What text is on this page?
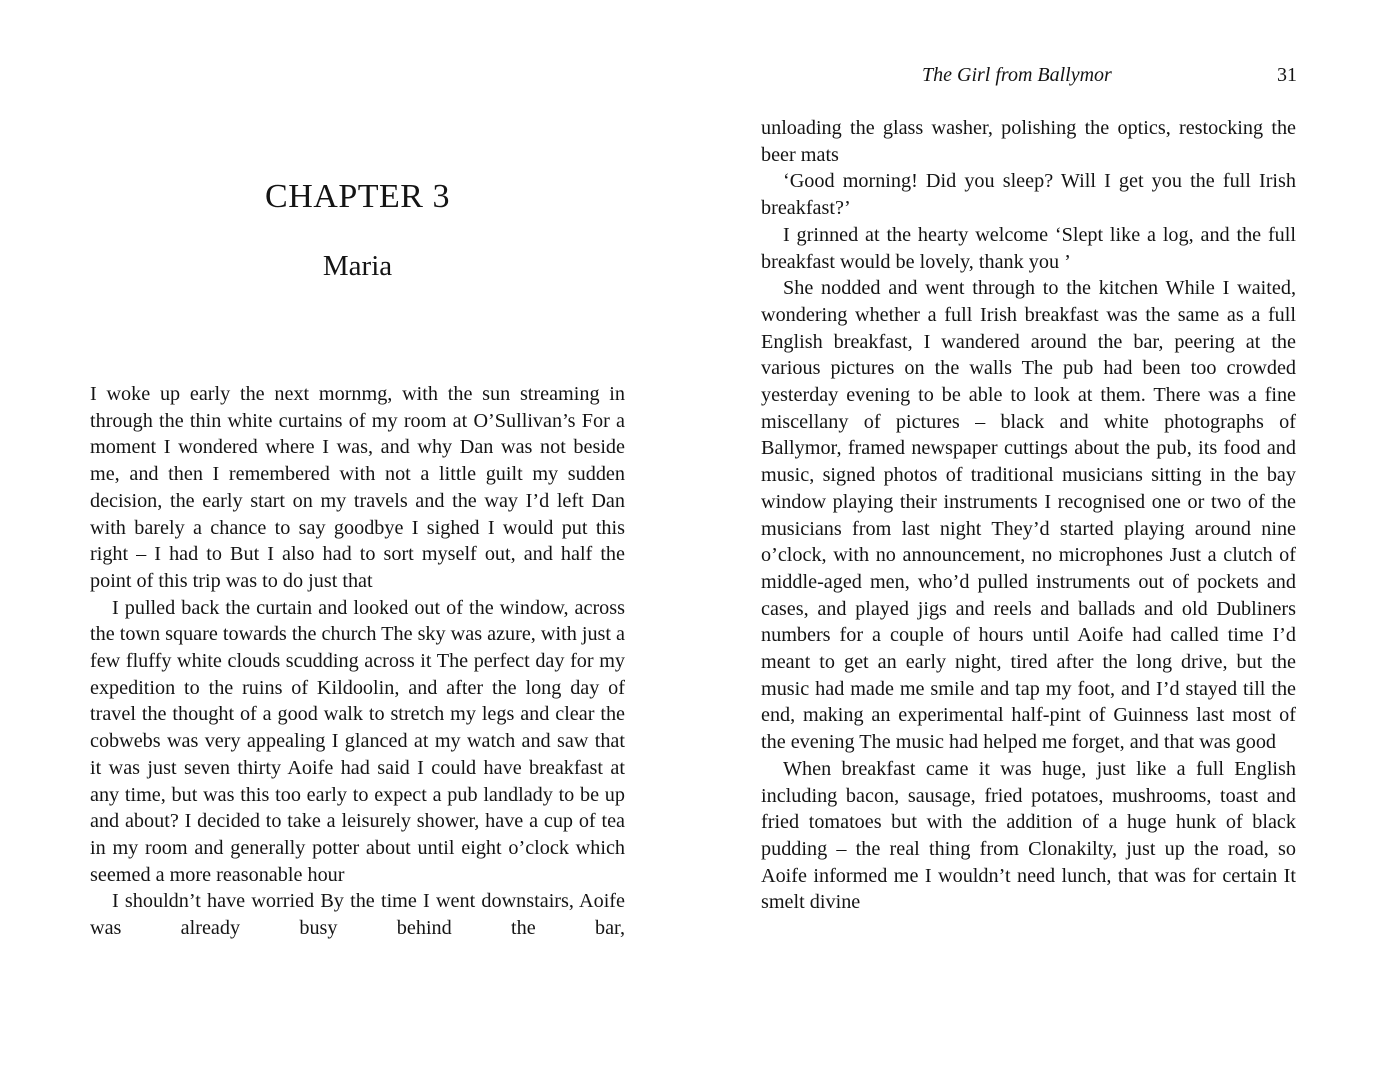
CHAPTER 3
Maria

I woke up early the next mornmg, with the sun streaming in through the thin white curtains of my room at O’Sullivan’s For a moment I wondered where I was, and why Dan was not beside me, and then I remembered with not a little guilt my sudden decision, the early start on my travels and the way I’d left Dan with barely a chance to say goodbye I sighed I would put this right – I had to But I also had to sort myself out, and half the point of this trip was to do just that

I pulled back the curtain and looked out of the window, across the town square towards the church The sky was azure, with just a few fluffy white clouds scudding across it The perfect day for my expedition to the ruins of Kildoolin, and after the long day of travel the thought of a good walk to stretch my legs and clear the cobwebs was very appealing I glanced at my watch and saw that it was just seven thirty Aoife had said I could have breakfast at any time, but was this too early to expect a pub landlady to be up and about? I decided to take a leisurely shower, have a cup of tea in my room and generally potter about until eight o’clock which seemed a more reasonable hour

I shouldn’t have worried By the time I went downstairs, Aoife was already busy behind the bar,

The Girl from Ballymor	31

unloading the glass washer, polishing the optics, restocking the beer mats

‘Good morning! Did you sleep? Will I get you the full Irish breakfast?’

I grinned at the hearty welcome ‘Slept like a log, and the full breakfast would be lovely, thank you ’

She nodded and went through to the kitchen While I waited, wondering whether a full Irish breakfast was the same as a full English breakfast, I wandered around the bar, peering at the various pictures on the walls The pub had been too crowded yesterday evening to be able to look at them. There was a fine miscellany of pictures – black and white photographs of Ballymor, framed newspaper cuttings about the pub, its food and music, signed photos of traditional musicians sitting in the bay window playing their instruments I recognised one or two of the musicians from last night They’d started playing around nine o’clock, with no announcement, no microphones Just a clutch of middle-aged men, who’d pulled instruments out of pockets and cases, and played jigs and reels and ballads and old Dubliners numbers for a couple of hours until Aoife had called time I’d meant to get an early night, tired after the long drive, but the music had made me smile and tap my foot, and I’d stayed till the end, making an experimental half-pint of Guinness last most of the evening The music had helped me forget, and that was good

When breakfast came it was huge, just like a full English including bacon, sausage, fried potatoes, mushrooms, toast and fried tomatoes but with the addition of a huge hunk of black pudding – the real thing from Clonakilty, just up the road, so Aoife informed me I wouldn’t need lunch, that was for certain It smelt divine
